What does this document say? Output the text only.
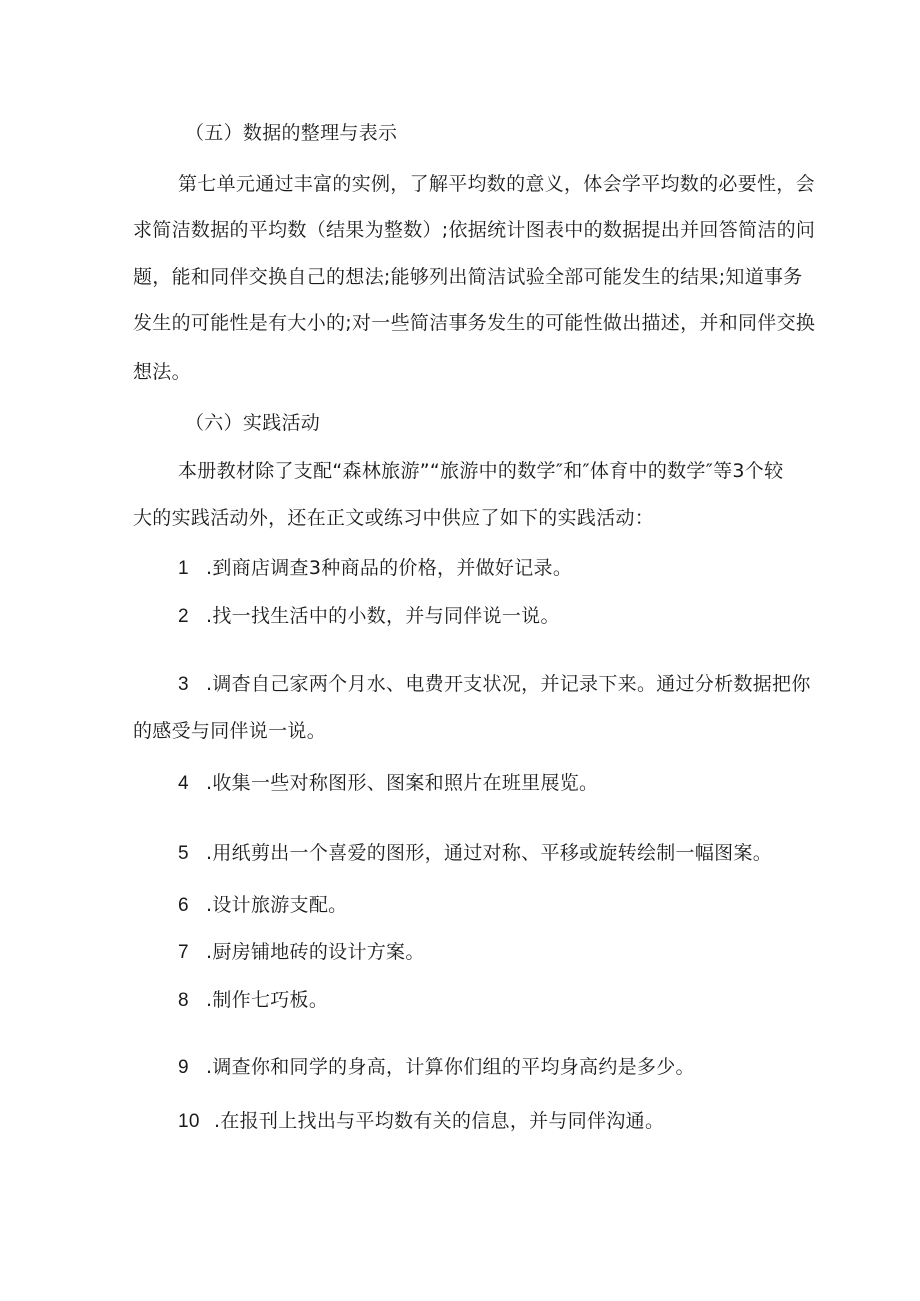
（五）数据的整理与表示
第七单元通过丰富的实例，了解平均数的意义，体会学平均数的必要性，会
求简洁数据的平均数（结果为整数）;依据统计图表中的数据提出并回答简洁的问
题，能和同伴交换自己的想法;能够列出简洁试验全部可能发生的结果;知道事务
发生的可能性是有大小的;对一些简洁事务发生的可能性做出描述，并和同伴交换
想法。
（六）实践活动
本册教材除了支配“森林旅游”“旅游中的数学″和″体育中的数学″等3个较
大的实践活动外，还在正文或练习中供应了如下的实践活动：
1 .到商店调查3种商品的价格，并做好记录。
2 .找一找生活中的小数，并与同伴说一说。
3 .调杳自己家两个月水、电费开支状况，并记录下来。通过分析数据把你
的感受与同伴说一说。
4 .收集一些对称图形、图案和照片在班里展览。
5 .用纸剪出一个喜爱的图形，通过对称、平移或旋转绘制一幅图案。
6 .设计旅游支配。
7 .厨房铺地砖的设计方案。
8 .制作七巧板。
9 .调查你和同学的身高，计算你们组的平均身高约是多少。
10 .在报刊上找出与平均数有关的信息，并与同伴沟通。
